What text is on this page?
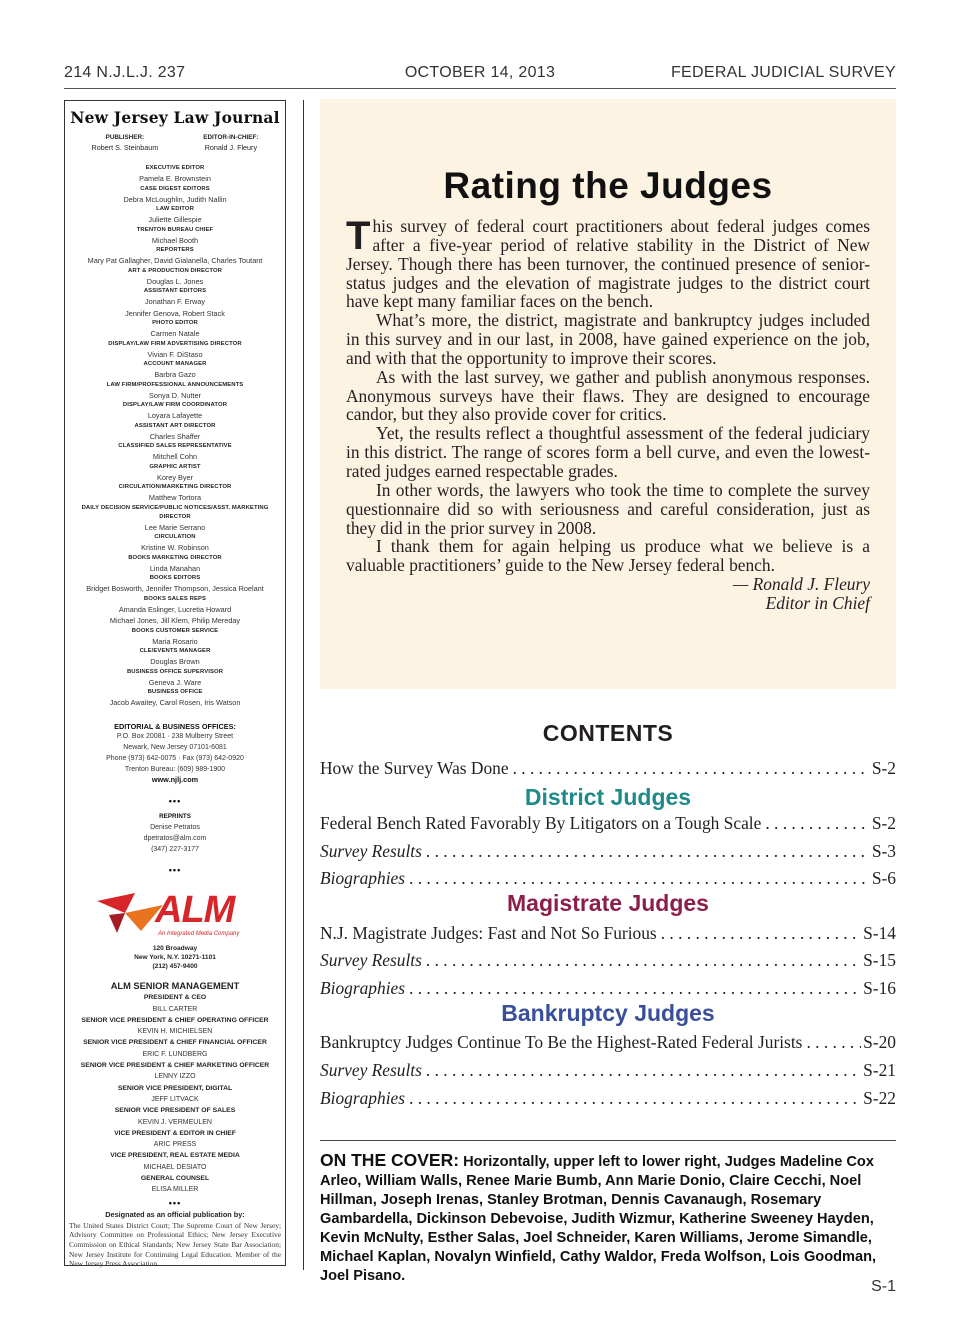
214 N.J.L.J. 237	OCTOBER 14, 2013	FEDERAL JUDICIAL SURVEY
New Jersey Law Journal
PUBLISHER:
Robert S. Steinbaum
EDITOR-IN-CHIEF:
Ronald J. Fleury
EXECUTIVE EDITOR
Pamela E. Brownstein
CASE DIGEST EDITORS
Debra McLoughlin, Judith Nallin
LAW EDITOR
Juliette Gillespie
TRENTON BUREAU CHIEF
Michael Booth
REPORTERS
Mary Pat Gallagher, David Gialanella, Charles Toutant
ART & PRODUCTION DIRECTOR
Douglas L. Jones
ASSISTANT EDITORS
Jonathan F. Erway
Jennifer Genova, Robert Stack
PHOTO EDITOR
Carmen Natale
DISPLAY/LAW FIRM ADVERTISING DIRECTOR
Vivian F. DiStaso
ACCOUNT MANAGER
Barbra Gazo
LAW FIRM/PROFESSIONAL ANNOUNCEMENTS
Sonya D. Nutter
DISPLAY/LAW FIRM COORDINATOR
Loyara Lafayette
ASSISTANT ART DIRECTOR
Charles Shaffer
CLASSIFIED SALES REPRESENTATIVE
Mitchell Cohn
GRAPHIC ARTIST
Korey Byer
CIRCULATION/MARKETING DIRECTOR
Matthew Tortora
DAILY DECISION SERVICE/PUBLIC NOTICES/ASST. MARKETING DIRECTOR
Lee Marie Serrano
CIRCULATION
Kristine W. Robinson
BOOKS MARKETING DIRECTOR
Linda Manahan
BOOKS EDITORS
Bridget Bosworth, Jennifer Thompson, Jessica Roelant
BOOKS SALES REPS
Amanda Eslinger, Lucretia Howard
Michael Jones, Jill Klem, Philip Mereday
BOOKS CUSTOMER SERVICE
Maria Rosario
CLE/EVENTS MANAGER
Douglas Brown
BUSINESS OFFICE SUPERVISOR
Geneva J. Ware
BUSINESS OFFICE
Jacob Awaitey, Carol Rosen, Iris Watson
EDITORIAL & BUSINESS OFFICES:
P.O. Box 20081 · 238 Mulberry Street
Newark, New Jersey 07101-6081
Phone (973) 642-0075 · Fax (973) 642-0920
Trenton Bureau: (609) 989-1900
www.njlj.com
•••
REPRINTS
Denise Petratos
dpetratos@alm.com
(347) 227-3177
•••
ALM
An Integrated Media Company
120 Broadway
New York, N.Y. 10271-1101
(212) 457-9400
ALM SENIOR MANAGEMENT
PRESIDENT & CEO
BILL CARTER
SENIOR VICE PRESIDENT & CHIEF OPERATING OFFICER
KEVIN H. MICHIELSEN
SENIOR VICE PRESIDENT & CHIEF FINANCIAL OFFICER
ERIC F. LUNDBERG
SENIOR VICE PRESIDENT & CHIEF MARKETING OFFICER
LENNY IZZO
SENIOR VICE PRESIDENT, DIGITAL
JEFF LITVACK
SENIOR VICE PRESIDENT OF SALES
KEVIN J. VERMEULEN
VICE PRESIDENT & EDITOR IN CHIEF
ARIC PRESS
VICE PRESIDENT, REAL ESTATE MEDIA
MICHAEL DESIATO
GENERAL COUNSEL
ELISA MILLER
•••
Designated as an official publication by:
The United States District Court; The Supreme Court of New Jersey; Advisory Committee on Professional Ethics; New Jersey Executive Commission on Ethical Standards; New Jersey State Bar Association; New Jersey Institute for Continuing Legal Education. Member of the New Jersey Press Association.
Rating the Judges

This survey of federal court practitioners about federal judges comes after a five-year period of relative stability in the District of New Jersey. Though there has been turnover, the continued presence of senior-status judges and the elevation of magistrate judges to the district court have kept many familiar faces on the bench.

What’s more, the district, magistrate and bankruptcy judges included in this survey and in our last, in 2008, have gained experience on the job, and with that the opportunity to improve their scores.

As with the last survey, we gather and publish anonymous responses. Anonymous surveys have their flaws. They are designed to encourage candor, but they also provide cover for critics.

Yet, the results reflect a thoughtful assessment of the federal judiciary in this district. The range of scores form a bell curve, and even the lowest-rated judges earned respectable grades.

In other words, the lawyers who took the time to complete the survey questionnaire did so with seriousness and careful consideration, just as they did in the prior survey in 2008.

I thank them for again helping us produce what we believe is a valuable practitioners’ guide to the New Jersey federal bench.

— Ronald J. Fleury
Editor in Chief
CONTENTS
How the Survey Was Done . . .	S-2
District Judges
Federal Bench Rated Favorably By Litigators on a Tough Scale . . .	S-2
Survey Results . . .	S-3
Biographies . . .	S-6
Magistrate Judges
N.J. Magistrate Judges: Fast and Not So Furious . . .	S-14
Survey Results . . .	S-15
Biographies . . .	S-16
Bankruptcy Judges
Bankruptcy Judges Continue To Be the Highest-Rated Federal Jurists . . .	S-20
Survey Results . . .	S-21
Biographies . . .	S-22
ON THE COVER: Horizontally, upper left to lower right, Judges Madeline Cox Arleo, William Walls, Renee Marie Bumb, Ann Marie Donio, Claire Cecchi, Noel Hillman, Joseph Irenas, Stanley Brotman, Dennis Cavanaugh, Rosemary Gambardella, Dickinson Debevoise, Judith Wizmur, Katherine Sweeney Hayden, Kevin McNulty, Esther Salas, Joel Schneider, Karen Williams, Jerome Simandle, Michael Kaplan, Novalyn Winfield, Cathy Waldor, Freda Wolfson, Lois Goodman, Joel Pisano.
S-1
